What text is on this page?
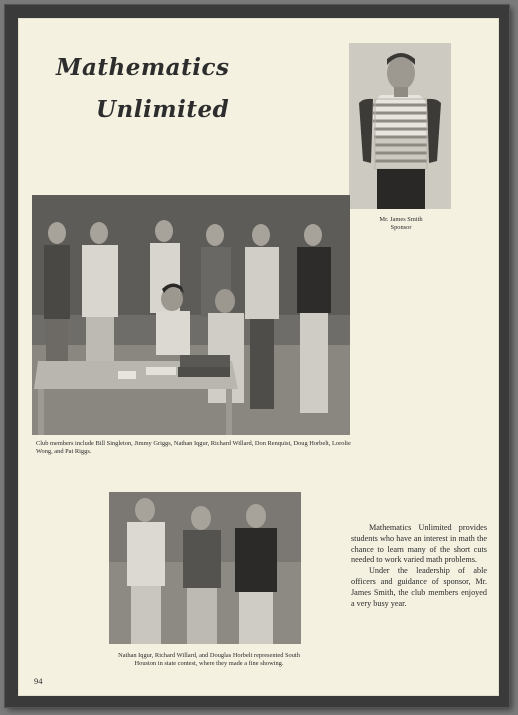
Mathematics
Unlimited
Mr. James Smith
Sponsor

Club members include Bill Singleton, Jimmy Griggs, Nathan Iqgur, Richard Willard, Don Renquist, Doug Horbelt, Lorolie Wong, and Pat Riggs.

Nathan Iqgur, Richard Willard, and Douglas Horbelt represented South Houston in state contest, where they made a fine showing.

Mathematics Unlimited provides students who have an interest in math the chance to learn many of the short cuts needed to work varied math problems.

Under the leadership of able officers and guidance of sponsor, Mr. James Smith, the club members enjoyed a very busy year.

94
